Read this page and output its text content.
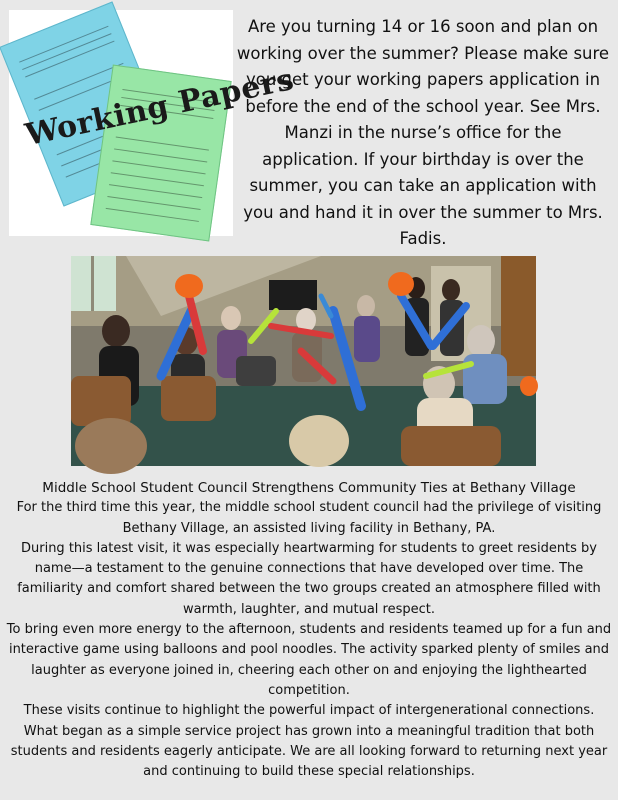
Working Papers
Are you turning 14 or 16 soon and plan on working over the summer? Please make sure you get your working papers application in before the end of the school year. See Mrs. Manzi in the nurse’s office for the application. If your birthday is over the summer, you can take an application with you and hand it in over the summer to Mrs. Fadis.

Middle School Student Council Strengthens Community Ties at Bethany Village

For the third time this year, the middle school student council had the privilege of visiting Bethany Village, an assisted living facility in Bethany, PA.

During this latest visit, it was especially heartwarming for students to greet residents by name—a testament to the genuine connections that have developed over time. The familiarity and comfort shared between the two groups created an atmosphere filled with warmth, laughter, and mutual respect.

To bring even more energy to the afternoon, students and residents teamed up for a fun and interactive game using balloons and pool noodles. The activity sparked plenty of smiles and laughter as everyone joined in, cheering each other on and enjoying the lighthearted competition.

These visits continue to highlight the powerful impact of intergenerational connections. What began as a simple service project has grown into a meaningful tradition that both students and residents eagerly anticipate. We are all looking forward to returning next year and continuing to build these special relationships.
